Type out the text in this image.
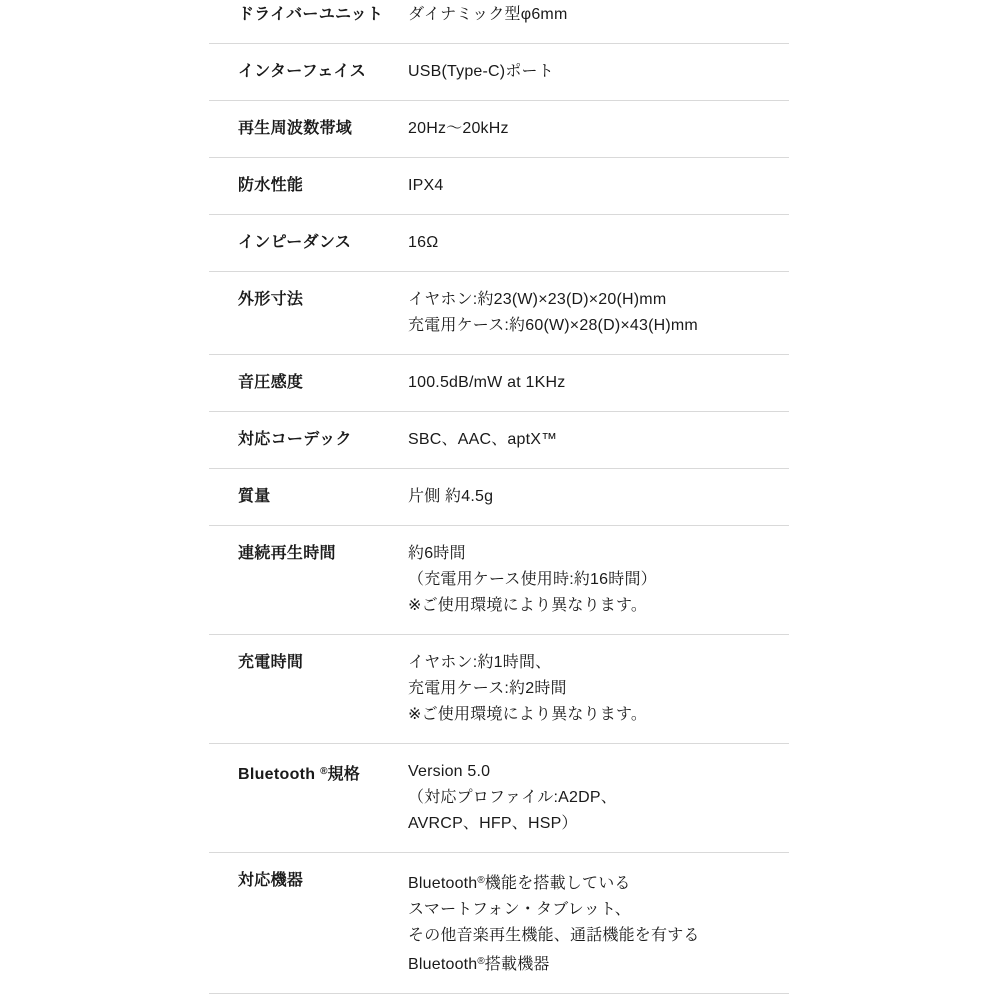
ドライバーユニット	ダイナミック型φ6mm
インターフェイス	USB(Type-C)ポート
再生周波数帯域	20Hz～20kHz
防水性能	IPX4
インピーダンス	16Ω
外形寸法	イヤホン:約23(W)×23(D)×20(H)mm
充電用ケース:約60(W)×28(D)×43(H)mm
音圧感度	100.5dB/mW at 1KHz
対応コーデック	SBC、AAC、aptX™
質量	片側 約4.5g
連続再生時間	約6時間
（充電用ケース使用時:約16時間）
※ご使用環境により異なります。
充電時間	イヤホン:約1時間、
充電用ケース:約2時間
※ご使用環境により異なります。
Bluetooth ®規格	Version 5.0
（対応プロファイル:A2DP、
AVRCP、HFP、HSP）
対応機器	Bluetooth®機能を搭載している
スマートフォン・タブレット、
その他音楽再生機能、通話機能を有する
Bluetooth®搭載機器
